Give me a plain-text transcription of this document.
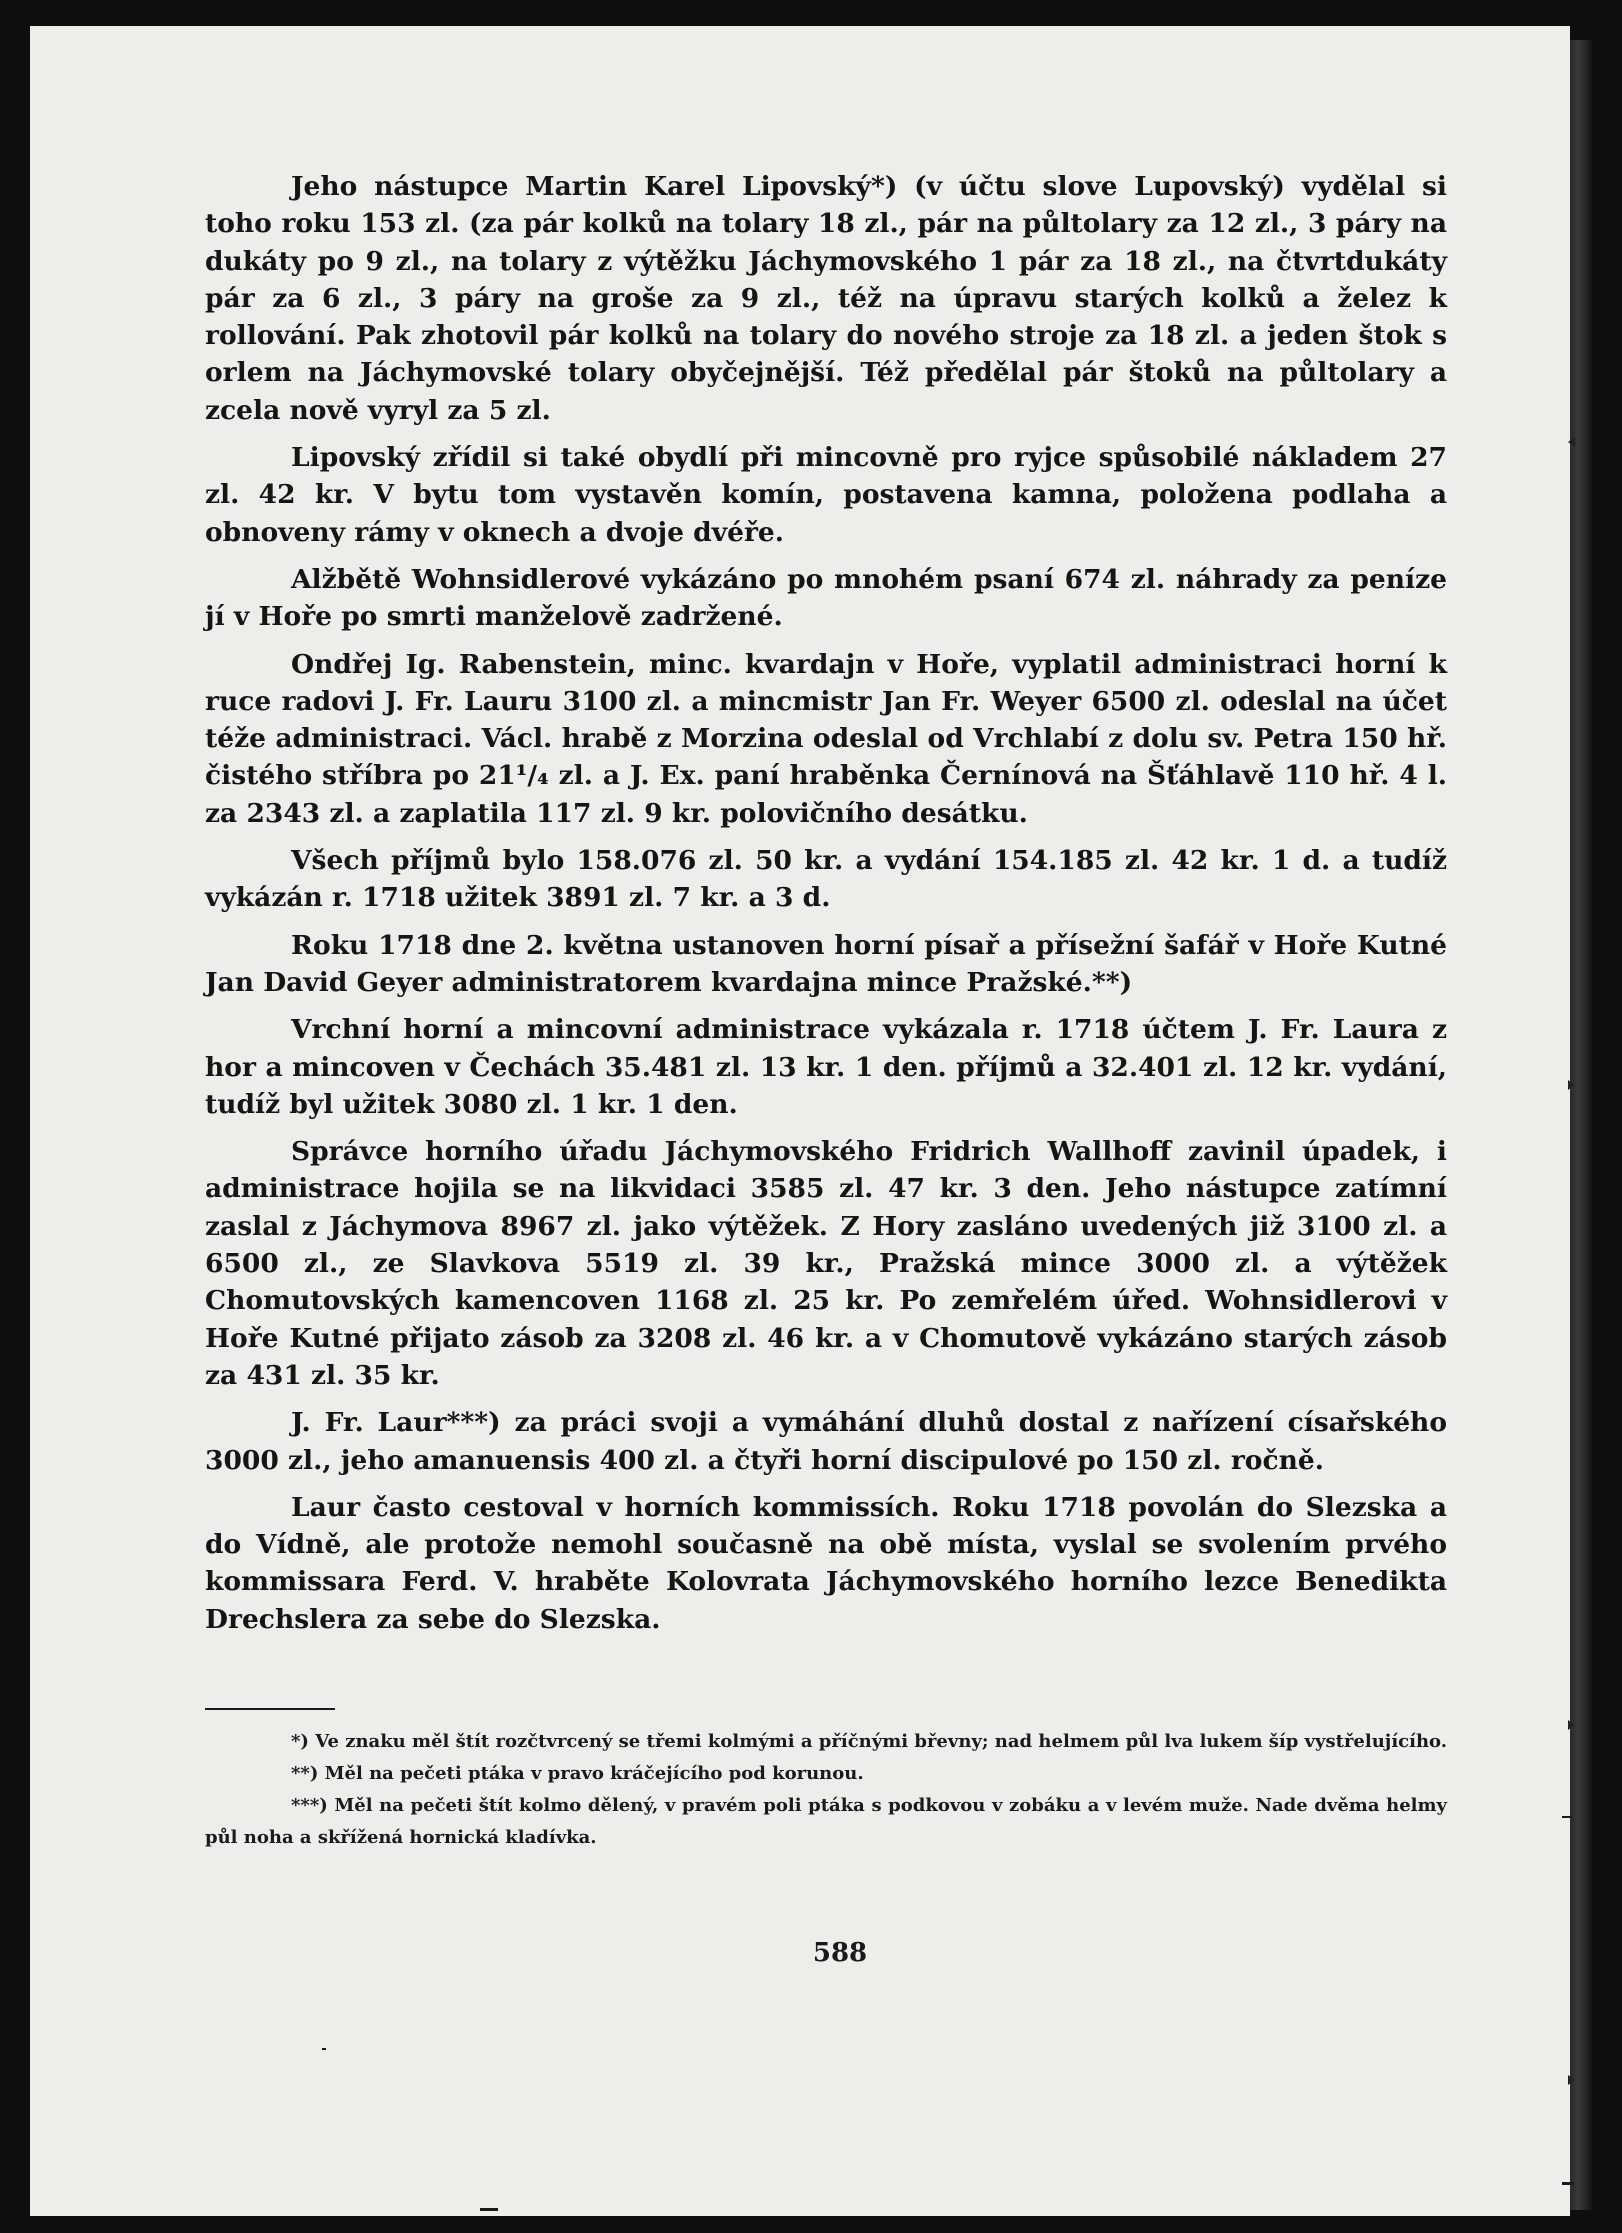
Jeho nástupce Martin Karel Lipovský*) (v účtu slove Lupovský) vydělal si toho roku 153 zl. (za pár kolků na tolary 18 zl., pár na půltolary za 12 zl., 3 páry na dukáty po 9 zl., na tolary z výtěžku Jáchymovského 1 pár za 18 zl., na čtvrtdukáty pár za 6 zl., 3 páry na groše za 9 zl., též na úpravu starých kolků a želez k rollování. Pak zhotovil pár kolků na tolary do nového stroje za 18 zl. a jeden štok s orlem na Jáchymovské tolary obyčejnější. Též předělal pár štoků na půltolary a zcela nově vyryl za 5 zl.

Lipovský zřídil si také obydlí při mincovně pro ryjce spůsobilé nákladem 27 zl. 42 kr. V bytu tom vystavěn komín, postavena kamna, položena podlaha a obnoveny rámy v oknech a dvoje dvéře.

Alžbětě Wohnsidlerové vykázáno po mnohém psaní 674 zl. náhrady za peníze jí v Hoře po smrti manželově zadržené.

Ondřej Ig. Rabenstein, minc. kvardajn v Hoře, vyplatil administraci horní k ruce radovi J. Fr. Lauru 3100 zl. a mincmistr Jan Fr. Weyer 6500 zl. odeslal na účet téže administraci. Václ. hrabě z Morzina odeslal od Vrchlabí z dolu sv. Petra 150 hř. čistého stříbra po 21¹/₄ zl. a J. Ex. paní hraběnka Černínová na Šťáhlavě 110 hř. 4 l. za 2343 zl. a zaplatila 117 zl. 9 kr. polovičního desátku.

Všech příjmů bylo 158.076 zl. 50 kr. a vydání 154.185 zl. 42 kr. 1 d. a tudíž vykázán r. 1718 užitek 3891 zl. 7 kr. a 3 d.

Roku 1718 dne 2. května ustanoven horní písař a přísežní šafář v Hoře Kutné Jan David Geyer administratorem kvardajna mince Pražské.**)

Vrchní horní a mincovní administrace vykázala r. 1718 účtem J. Fr. Laura z hor a mincoven v Čechách 35.481 zl. 13 kr. 1 den. příjmů a 32.401 zl. 12 kr. vydání, tudíž byl užitek 3080 zl. 1 kr. 1 den.

Správce horního úřadu Jáchymovského Fridrich Wallhoff zavinil úpadek, i administrace hojila se na likvidaci 3585 zl. 47 kr. 3 den. Jeho nástupce zatímní zaslal z Jáchymova 8967 zl. jako výtěžek. Z Hory zasláno uvedených již 3100 zl. a 6500 zl., ze Slavkova 5519 zl. 39 kr., Pražská mince 3000 zl. a výtěžek Chomutovských kamencoven 1168 zl. 25 kr. Po zemřelém úřed. Wohnsidlerovi v Hoře Kutné přijato zásob za 3208 zl. 46 kr. a v Chomutově vykázáno starých zásob za 431 zl. 35 kr.

J. Fr. Laur***) za práci svoji a vymáhání dluhů dostal z nařízení císařského 3000 zl., jeho amanuensis 400 zl. a čtyři horní discipulové po 150 zl. ročně.

Laur často cestoval v horních kommissích. Roku 1718 povolán do Slezska a do Vídně, ale protože nemohl současně na obě místa, vyslal se svolením prvého kommissara Ferd. V. hraběte Kolovrata Jáchymovského horního lezce Benedikta Drechslera za sebe do Slezska.

*) Ve znaku měl štít rozčtvrcený se třemi kolmými a příčnými břevny; nad helmem půl lva lukem šíp vystřelujícího.

**) Měl na pečeti ptáka v pravo kráčejícího pod korunou.

***) Měl na pečeti štít kolmo dělený, v pravém poli ptáka s podkovou v zobáku a v levém muže. Nade dvěma helmy půl noha a skřížená hornická kladívka.

588
